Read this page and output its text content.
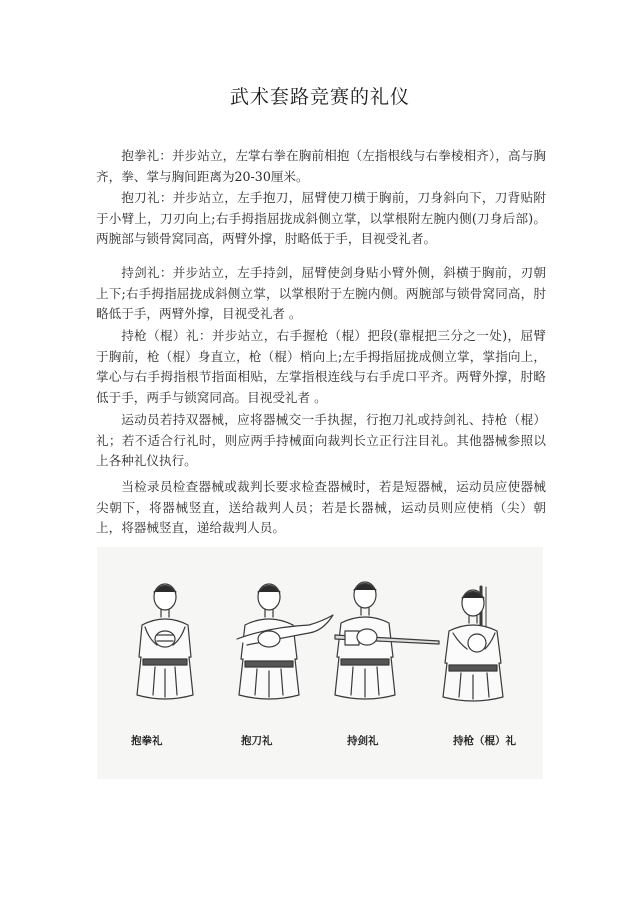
武术套路竞赛的礼仪

抱拳礼：并步站立，左掌右拳在胸前相抱（左指根线与右拳棱相齐），高与胸齐，拳、掌与胸间距离为20-30厘米。

抱刀礼：并步站立，左手抱刀，屈臂使刀横于胸前，刀身斜向下，刀背贴附于小臂上，刀刃向上;右手拇指屈拢成斜侧立掌，以掌根附左腕内侧(刀身后部)。两腕部与锁骨窝同高，两臂外撑，肘略低于手，目视受礼者。

持剑礼：并步站立，左手持剑，屈臂使剑身贴小臂外侧，斜横于胸前，刃朝上下;右手拇指屈拢成斜侧立掌，以掌根附于左腕内侧。两腕部与锁骨窝同高，肘略低于手，两臂外撑，目视受礼者 。

持枪（棍）礼：并步站立，右手握枪（棍）把段(靠棍把三分之一处)，屈臂于胸前，枪（棍）身直立，枪（棍）梢向上;左手拇指屈拢成侧立掌，掌指向上，掌心与右手拇指根节指面相贴，左掌指根连线与右手虎口平齐。两臂外撑，肘略低于手，两手与锁窝同高。目视受礼者 。

运动员若持双器械，应将器械交一手执握，行抱刀礼或持剑礼、持枪（棍）礼；若不适合行礼时，则应两手持械面向裁判长立正行注目礼。其他器械参照以上各种礼仪执行。

当检录员检查器械或裁判长要求检查器械时，若是短器械，运动员应使器械尖朝下，将器械竖直，送给裁判人员；若是长器械，运动员则应使梢（尖）朝上，将器械竖直，递给裁判人员。

抱拳礼	抱刀礼	持剑礼	持枪（棍）礼
